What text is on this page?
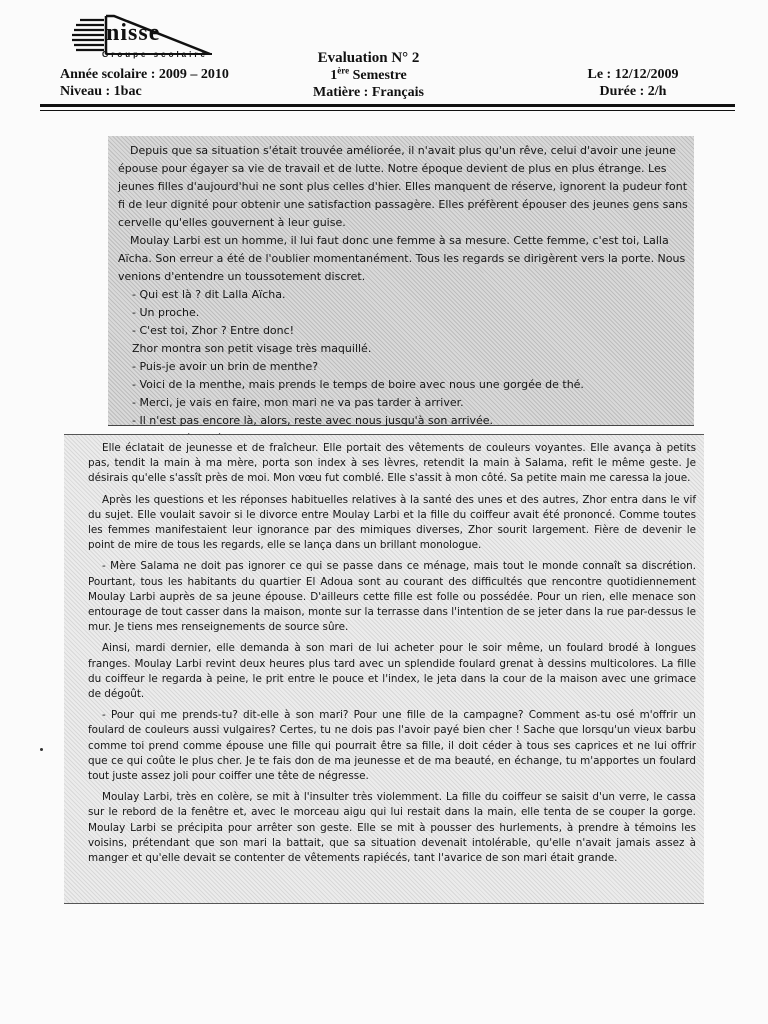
nisse
Groupe scolaire
Année scolaire : 2009 – 2010
Niveau : 1bac
Evaluation N° 2
1ère Semestre
Matière : Français
Le : 12/12/2009
Durée : 2/h

Depuis que sa situation s'était trouvée améliorée, il n'avait plus qu'un rêve, celui d'avoir une jeune épouse pour égayer sa vie de travail et de lutte. Notre époque devient de plus en plus étrange. Les jeunes filles d'aujourd'hui ne sont plus celles d'hier. Elles manquent de réserve, ignorent la pudeur font fi de leur dignité pour obtenir une satisfaction passagère. Elles préfèrent épouser des jeunes gens sans cervelle qu'elles gouvernent à leur guise.

Moulay Larbi est un homme, il lui faut donc une femme à sa mesure. Cette femme, c'est toi, Lalla Aïcha. Son erreur a été de l'oublier momentanément. Tous les regards se dirigèrent vers la porte. Nous venions d'entendre un toussotement discret.

- Qui est là ? dit Lalla Aïcha.

- Un proche.

- C'est toi, Zhor ? Entre donc!

Zhor montra son petit visage très maquillé.

- Puis-je avoir un brin de menthe?

- Voici de la menthe, mais prends le temps de boire avec nous une gorgée de thé.

- Merci, je vais en faire, mon mari ne va pas tarder à arriver.

- Il n'est pas encore là, alors, reste avec nous jusqu'à son arrivée.

Elle éclatait de jeunesse et de fraîcheur. Elle portait des vêtements de couleurs voyantes. Elle avança à petits pas, tendit la main à ma mère, porta son index à ses lèvres, retendit la main à Salama, refit le même geste. Je désirais qu'elle s'assît près de moi. Mon vœu fut comblé. Elle s'assit à mon côté. Sa petite main me caressa la joue.

Après les questions et les réponses habituelles relatives à la santé des unes et des autres, Zhor entra dans le vif du sujet. Elle voulait savoir si le divorce entre Moulay Larbi et la fille du coiffeur avait été prononcé. Comme toutes les femmes manifestaient leur ignorance par des mimiques diverses, Zhor sourit largement. Fière de devenir le point de mire de tous les regards, elle se lança dans un brillant monologue.

- Mère Salama ne doit pas ignorer ce qui se passe dans ce ménage, mais tout le monde connaît sa discrétion. Pourtant, tous les habitants du quartier El Adoua sont au courant des difficultés que rencontre quotidiennement Moulay Larbi auprès de sa jeune épouse. D'ailleurs cette fille est folle ou possédée. Pour un rien, elle menace son entourage de tout casser dans la maison, monte sur la terrasse dans l'intention de se jeter dans la rue par-dessus le mur. Je tiens mes renseignements de source sûre.

Ainsi, mardi dernier, elle demanda à son mari de lui acheter pour le soir même, un foulard brodé à longues franges. Moulay Larbi revint deux heures plus tard avec un splendide foulard grenat à dessins multicolores. La fille du coiffeur le regarda à peine, le prit entre le pouce et l'index, le jeta dans la cour de la maison avec une grimace de dégoût.

- Pour qui me prends-tu? dit-elle à son mari? Pour une fille de la campagne? Comment as-tu osé m'offrir un foulard de couleurs aussi vulgaires? Certes, tu ne dois pas l'avoir payé bien cher ! Sache que lorsqu'un vieux barbu comme toi prend comme épouse une fille qui pourrait être sa fille, il doit céder à tous ses caprices et ne lui offrir que ce qui coûte le plus cher. Je te fais don de ma jeunesse et de ma beauté, en échange, tu m'apportes un foulard tout juste assez joli pour coiffer une tête de négresse.

Moulay Larbi, très en colère, se mit à l'insulter très violemment. La fille du coiffeur se saisit d'un verre, le cassa sur le rebord de la fenêtre et, avec le morceau aigu qui lui restait dans la main, elle tenta de se couper la gorge. Moulay Larbi se précipita pour arrêter son geste. Elle se mit à pousser des hurlements, à prendre à témoins les voisins, prétendant que son mari la battait, que sa situation devenait intolérable, qu'elle n'avait jamais assez à manger et qu'elle devait se contenter de vêtements rapiécés, tant l'avarice de son mari était grande.
